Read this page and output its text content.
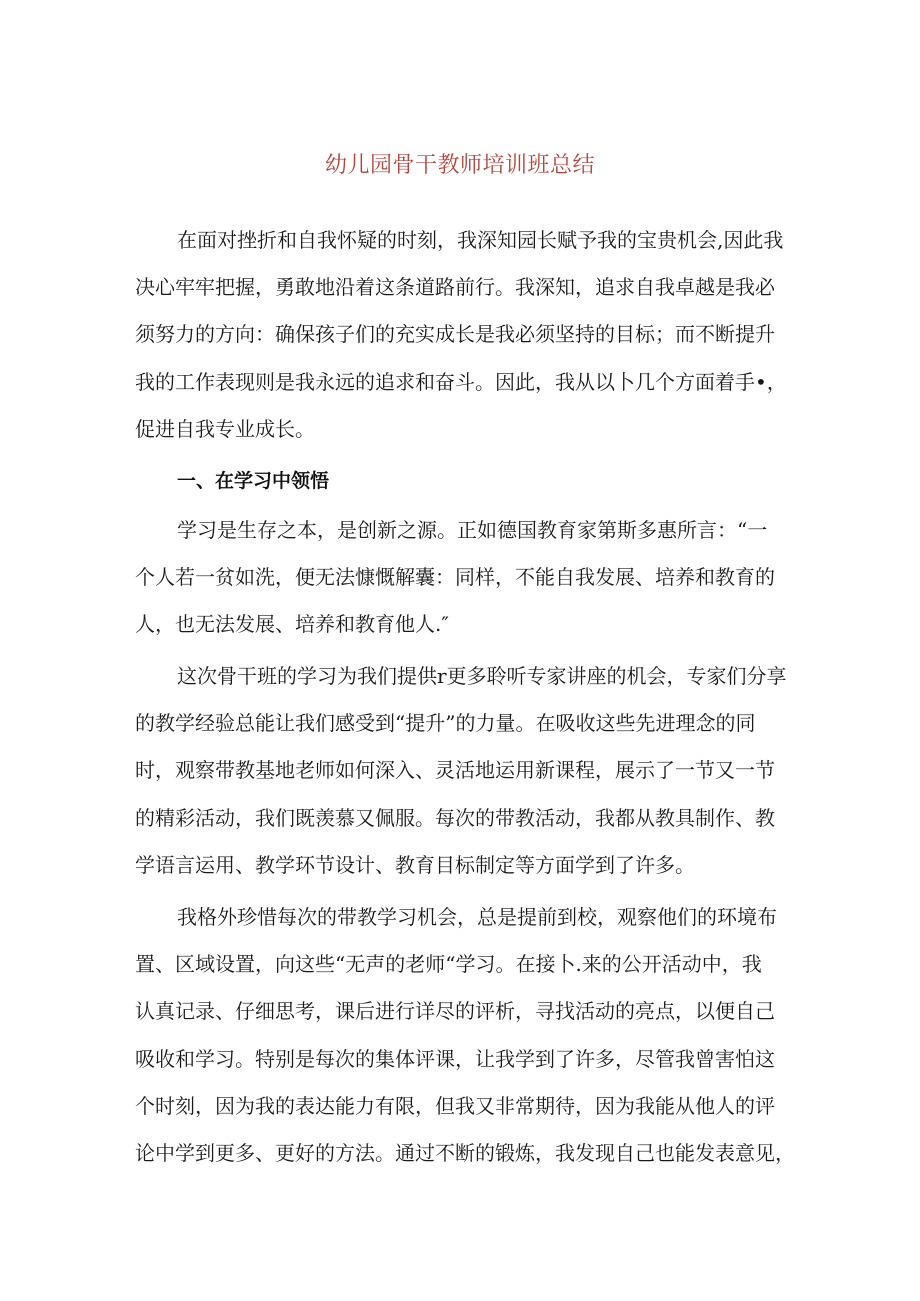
幼儿园骨干教师培训班总结

在面对挫折和自我怀疑的时刻，我深知园长赋予我的宝贵机会,因此我
决心牢牢把握，勇敢地沿着这条道路前行。我深知，追求自我卓越是我必
须努力的方向：确保孩子们的充实成长是我必须坚持的目标；而不断提升
我的工作表现则是我永远的追求和奋斗。因此，我从以卜几个方面着手•，
促进自我专业成长。

一、在学习中领悟

学习是生存之本，是创新之源。正如德国教育家第斯多惠所言：“一
个人若一贫如洗，便无法慷慨解囊：同样，不能自我发展、培养和教育的
人，也无法发展、培养和教育他人.″

这次骨干班的学习为我们提供r更多聆听专家讲座的机会，专家们分享
的教学经验总能让我们感受到“提升”的力量。在吸收这些先进理念的同
时，观察带教基地老师如何深入、灵活地运用新课程，展示了一节又一节
的精彩活动，我们既羡慕又佩服。每次的带教活动，我都从教具制作、教
学语言运用、教学环节设计、教育目标制定等方面学到了许多。

我格外珍惜每次的带教学习机会，总是提前到校，观察他们的环境布
置、区域设置，向这些“无声的老师“学习。在接卜.来的公开活动中，我
认真记录、仔细思考，课后进行详尽的评析，寻找活动的亮点，以便自己
吸收和学习。特别是每次的集体评课，让我学到了许多，尽管我曾害怕这
个时刻，因为我的表达能力有限，但我又非常期待，因为我能从他人的评
论中学到更多、更好的方法。通过不断的锻炼，我发现自己也能发表意见，
